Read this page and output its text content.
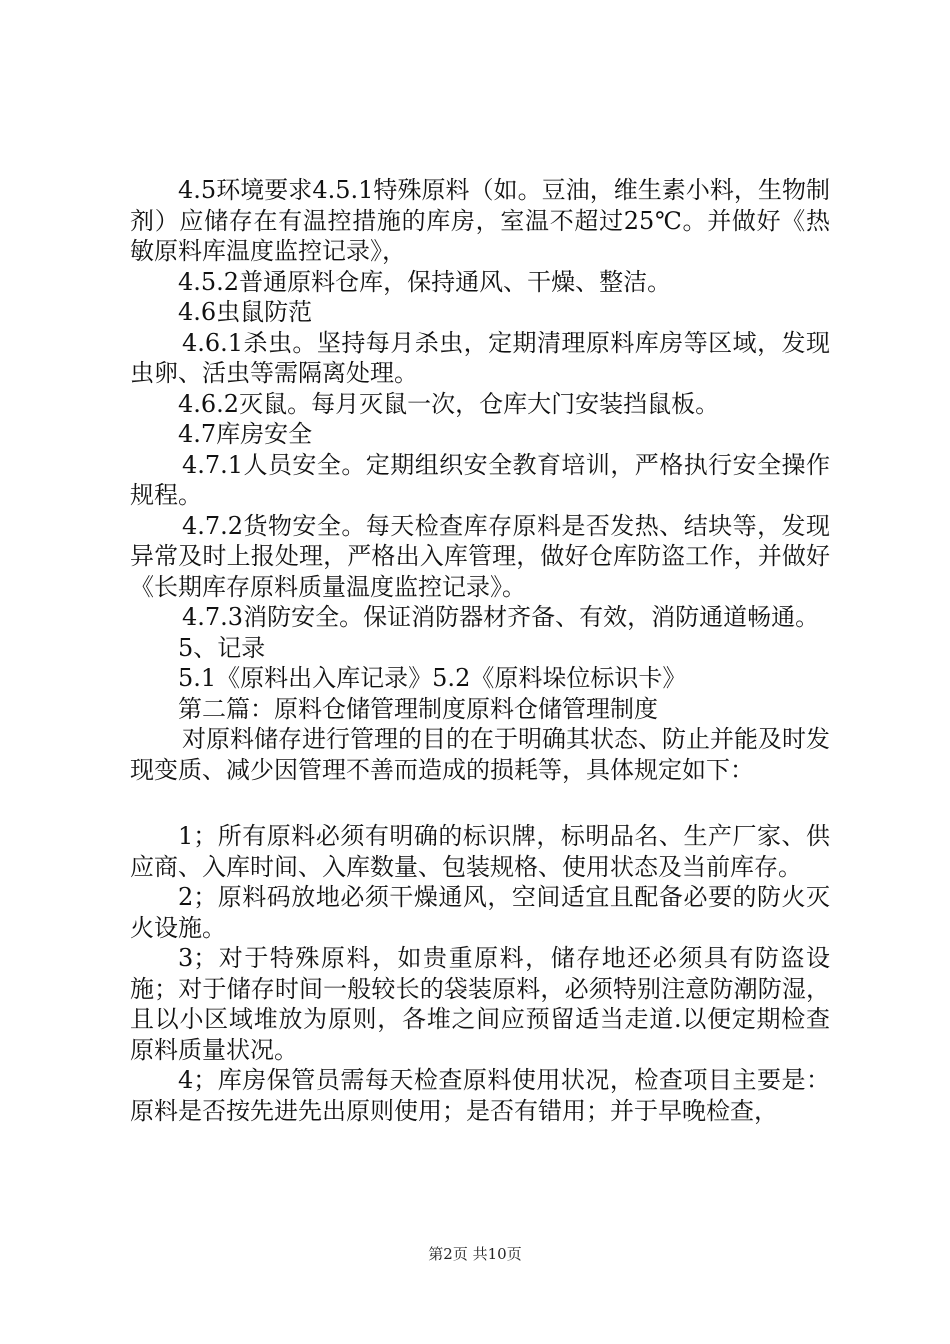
4.5环境要求4.5.1特殊原料（如。豆油，维生素小料，生物制剂）应储存在有温控措施的库房，室温不超过25℃。并做好《热敏原料库温度监控记录》，

4.5.2普通原料仓库，保持通风、干燥、整洁。

4.6虫鼠防范

4.6.1杀虫。坚持每月杀虫，定期清理原料库房等区域，发现虫卵、活虫等需隔离处理。

4.6.2灭鼠。每月灭鼠一次，仓库大门安装挡鼠板。

4.7库房安全

4.7.1人员安全。定期组织安全教育培训，严格执行安全操作规程。

4.7.2货物安全。每天检查库存原料是否发热、结块等，发现异常及时上报处理，严格出入库管理，做好仓库防盗工作，并做好《长期库存原料质量温度监控记录》。

4.7.3消防安全。保证消防器材齐备、有效，消防通道畅通。

5、记录

5.1《原料出入库记录》5.2《原料垛位标识卡》

第二篇：原料仓储管理制度原料仓储管理制度

对原料储存进行管理的目的在于明确其状态、防止并能及时发现变质、减少因管理不善而造成的损耗等，具体规定如下：

1；所有原料必须有明确的标识牌，标明品名、生产厂家、供应商、入库时间、入库数量、包装规格、使用状态及当前库存。

2；原料码放地必须干燥通风，空间适宜且配备必要的防火灭火设施。

3；对于特殊原料，如贵重原料，储存地还必须具有防盗设施；对于储存时间一般较长的袋装原料，必须特别注意防潮防湿，且以小区域堆放为原则，各堆之间应预留适当走道.以便定期检查原料质量状况。

4；库房保管员需每天检查原料使用状况，检查项目主要是：原料是否按先进先出原则使用；是否有错用；并于早晚检查，

第2页 共10页
